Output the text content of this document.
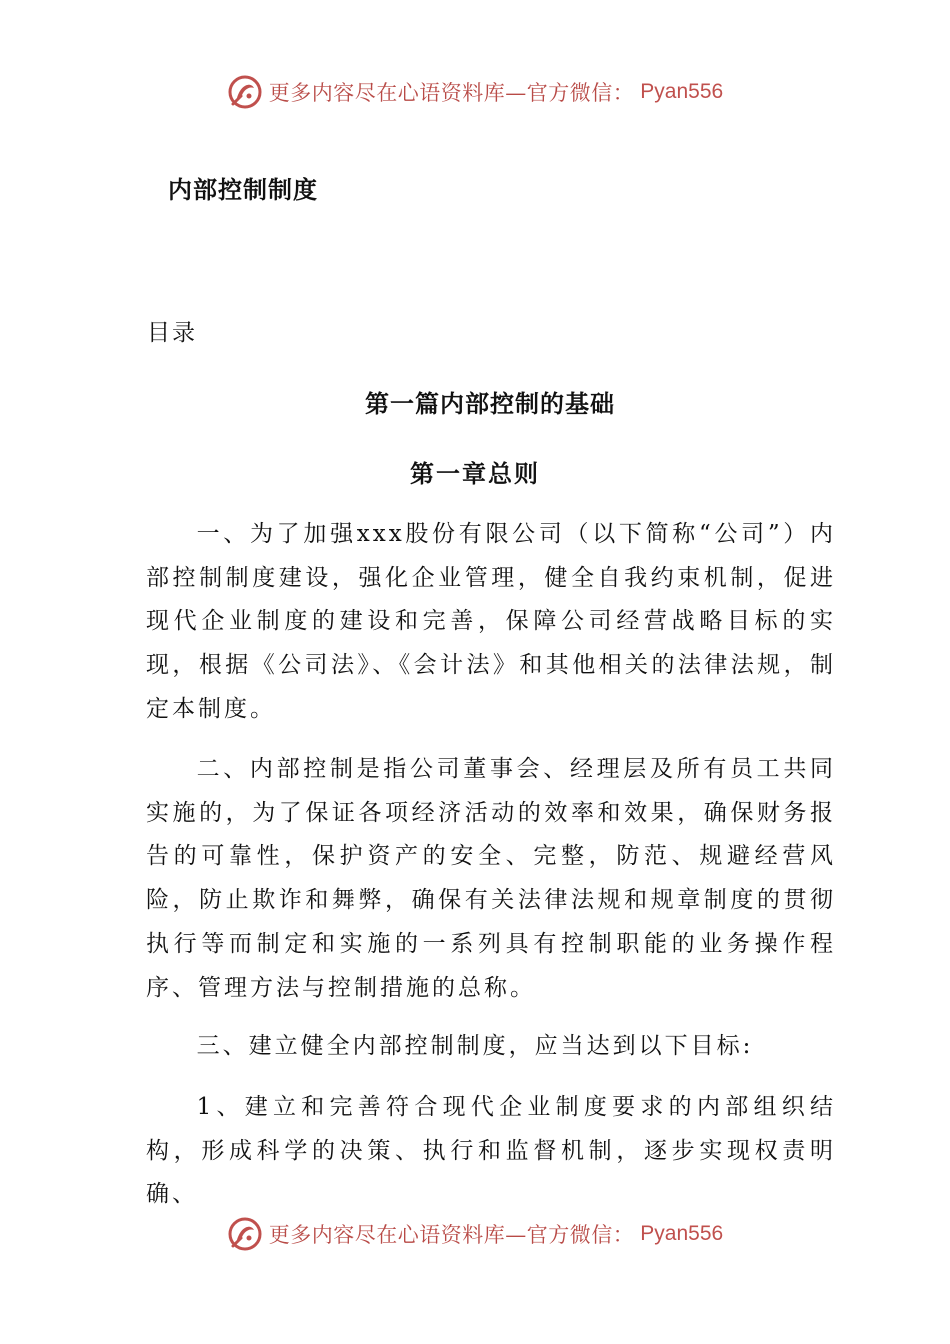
更多内容尽在心语资料库—官方微信： Pyan556
内部控制制度

目录

第一篇内部控制的基础
第一章总则

一、为了加强xxx股份有限公司（以下简称“公司”）内部控制制度建设，强化企业管理，健全自我约束机制，促进现代企业制度的建设和完善，保障公司经营战略目标的实现，根据《公司法》、《会计法》和其他相关的法律法规，制定本制度。

二、内部控制是指公司董事会、经理层及所有员工共同实施的，为了保证各项经济活动的效率和效果，确保财务报告的可靠性，保护资产的安全、完整，防范、规避经营风险，防止欺诈和舞弊，确保有关法律法规和规章制度的贯彻执行等而制定和实施的一系列具有控制职能的业务操作程序、管理方法与控制措施的总称。

三、建立健全内部控制制度，应当达到以下目标:

1、建立和完善符合现代企业制度要求的内部组织结构，形成科学的决策、执行和监督机制，逐步实现权责明确、

更多内容尽在心语资料库—官方微信： Pyan556
